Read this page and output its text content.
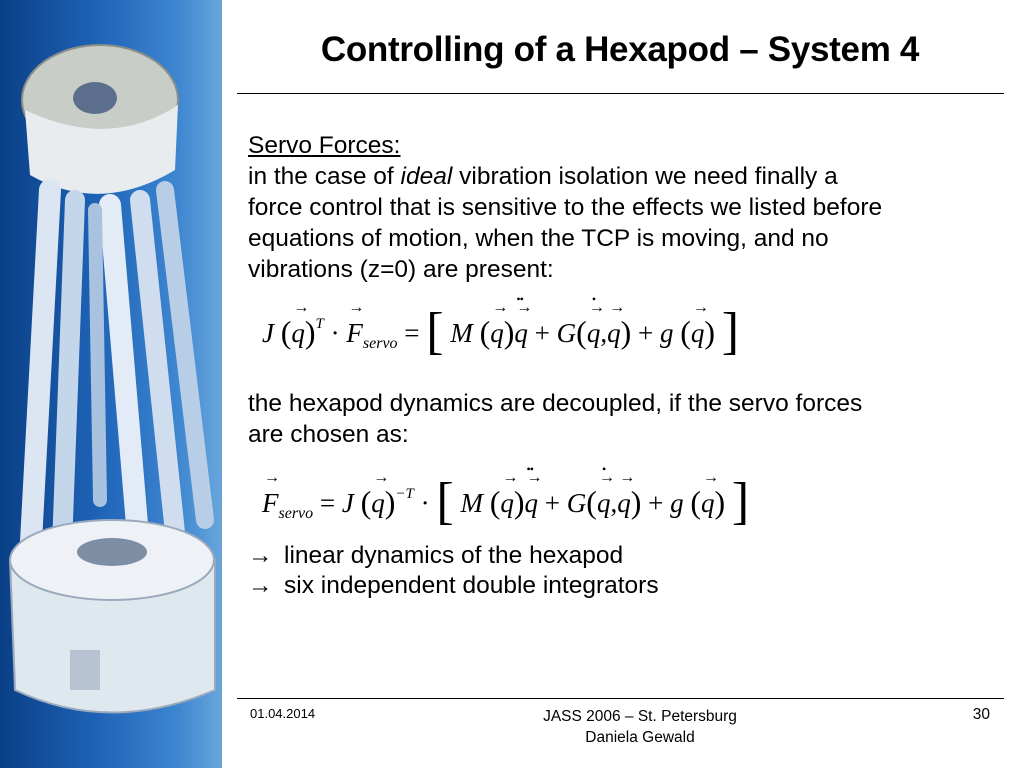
Controlling of a Hexapod – System 4
Servo Forces:
in the case of ideal vibration isolation we need finally a
force control that is sensitive to the effects we listed before
equations of motion, when the TCP is moving, and no
vibrations (z=0) are present:
J (→ q)$^T$ · → $F_{servo}$ = [ M (→ q)→ q •• + G(→ q •,→ q) + g (→ q) ]
the hexapod dynamics are decoupled, if the servo forces
are chosen as:
→ $F_{servo} = J$ (→ q)$^{-T}$ · [ M (→ q)→ q •• + G(→ q •,→ q) + g (→ q) ]
→ linear dynamics of the hexapod
→ six independent double integrators
01.04.2014	JASS 2006 – St. Petersburg
Daniela Gewald
30
